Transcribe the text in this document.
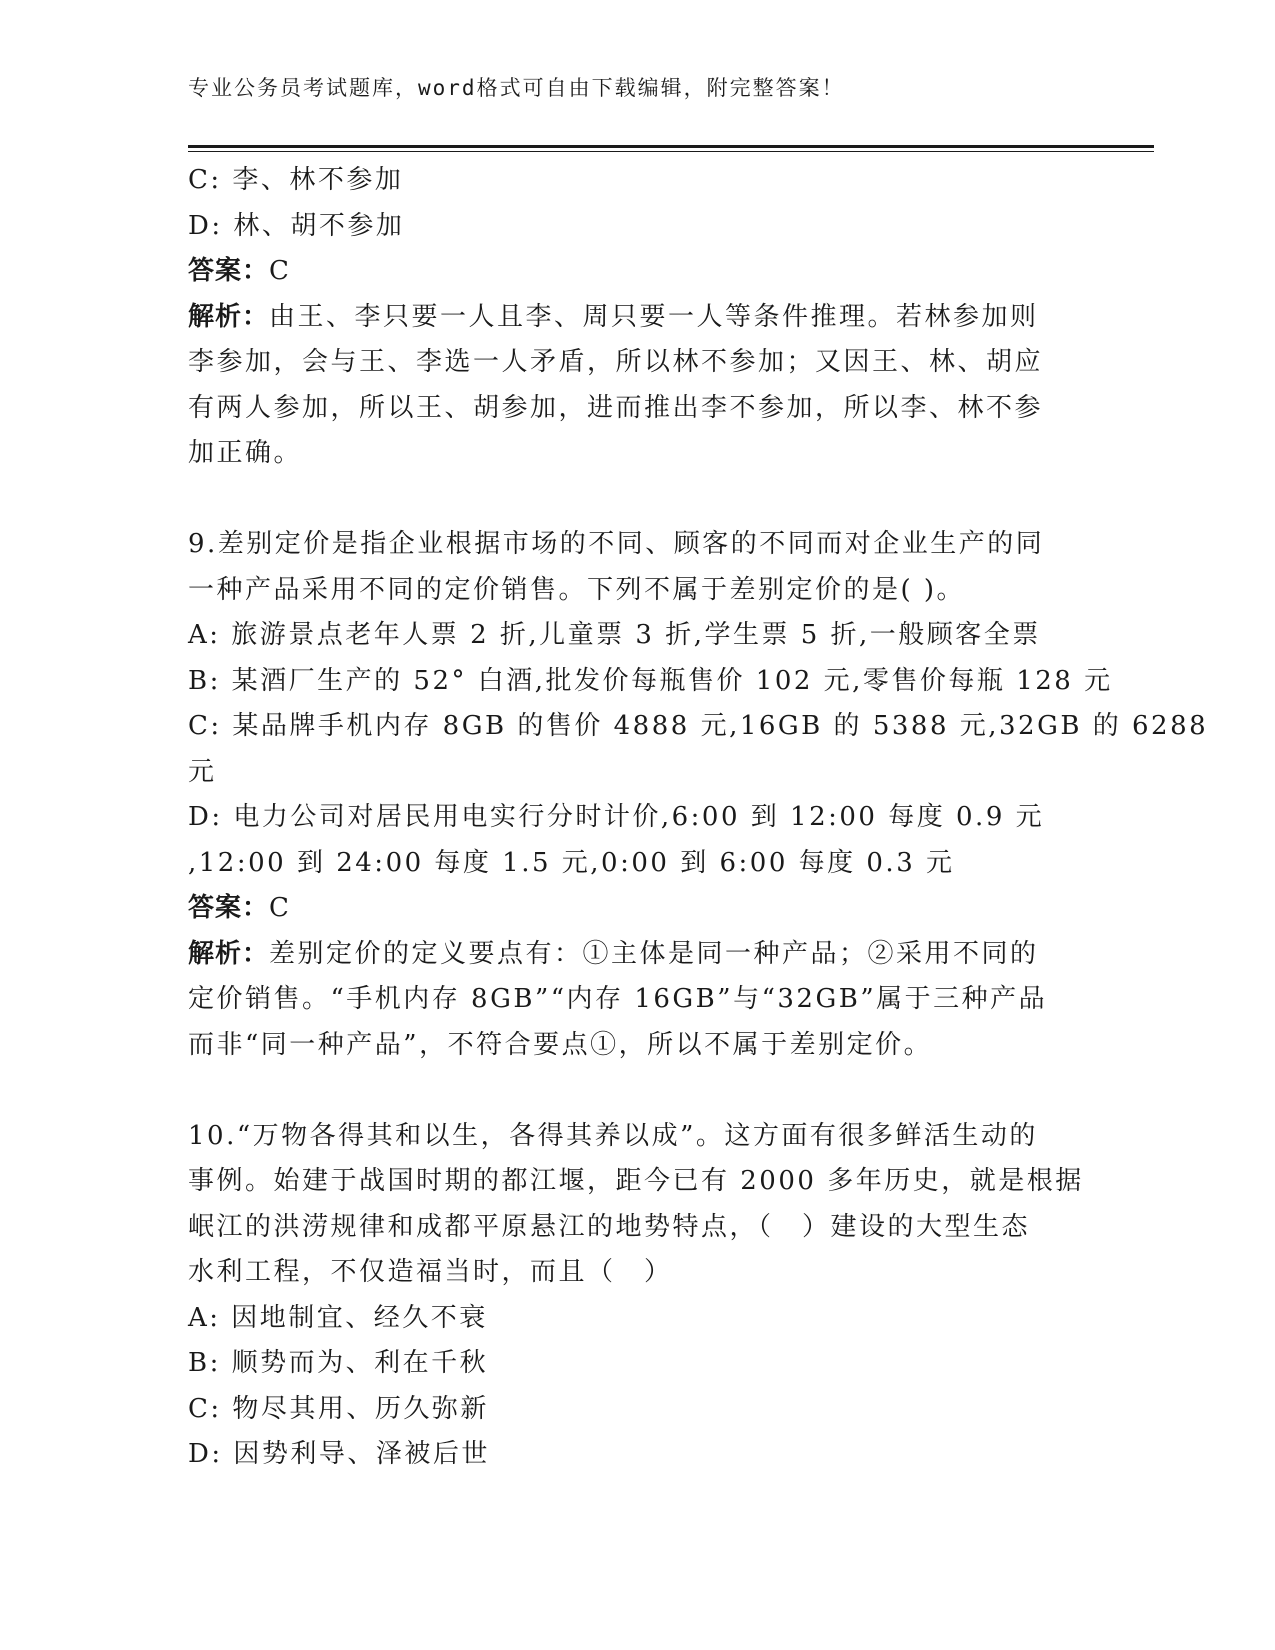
专业公务员考试题库，word格式可自由下载编辑，附完整答案！
C: 李、林不参加
D: 林、胡不参加
答案：C
解析：由王、李只要一人且李、周只要一人等条件推理。若林参加则
李参加，会与王、李选一人矛盾，所以林不参加；又因王、林、胡应
有两人参加，所以王、胡参加，进而推出李不参加，所以李、林不参
加正确。
9.差别定价是指企业根据市场的不同、顾客的不同而对企业生产的同
一种产品采用不同的定价销售。下列不属于差别定价的是( )。
A: 旅游景点老年人票 2 折,儿童票 3 折,学生票 5 折,一般顾客全票
B: 某酒厂生产的 52° 白酒,批发价每瓶售价 102 元,零售价每瓶 128 元
C: 某品牌手机内存 8GB 的售价 4888 元,16GB 的 5388 元,32GB 的 6288
元
D: 电力公司对居民用电实行分时计价,6:00 到 12:00 每度 0.9 元
,12:00 到 24:00 每度 1.5 元,0:00 到 6:00 每度 0.3 元
答案：C
解析：差别定价的定义要点有：①主体是同一种产品；②采用不同的
定价销售。“手机内存 8GB”“内存 16GB”与“32GB”属于三种产品
而非“同一种产品”，不符合要点①，所以不属于差别定价。
10.“万物各得其和以生，各得其养以成”。这方面有很多鲜活生动的
事例。始建于战国时期的都江堰，距今已有 2000 多年历史，就是根据
岷江的洪涝规律和成都平原悬江的地势特点，（　）建设的大型生态
水利工程，不仅造福当时，而且（　）
A: 因地制宜、经久不衰
B: 顺势而为、利在千秋
C: 物尽其用、历久弥新
D: 因势利导、泽被后世
